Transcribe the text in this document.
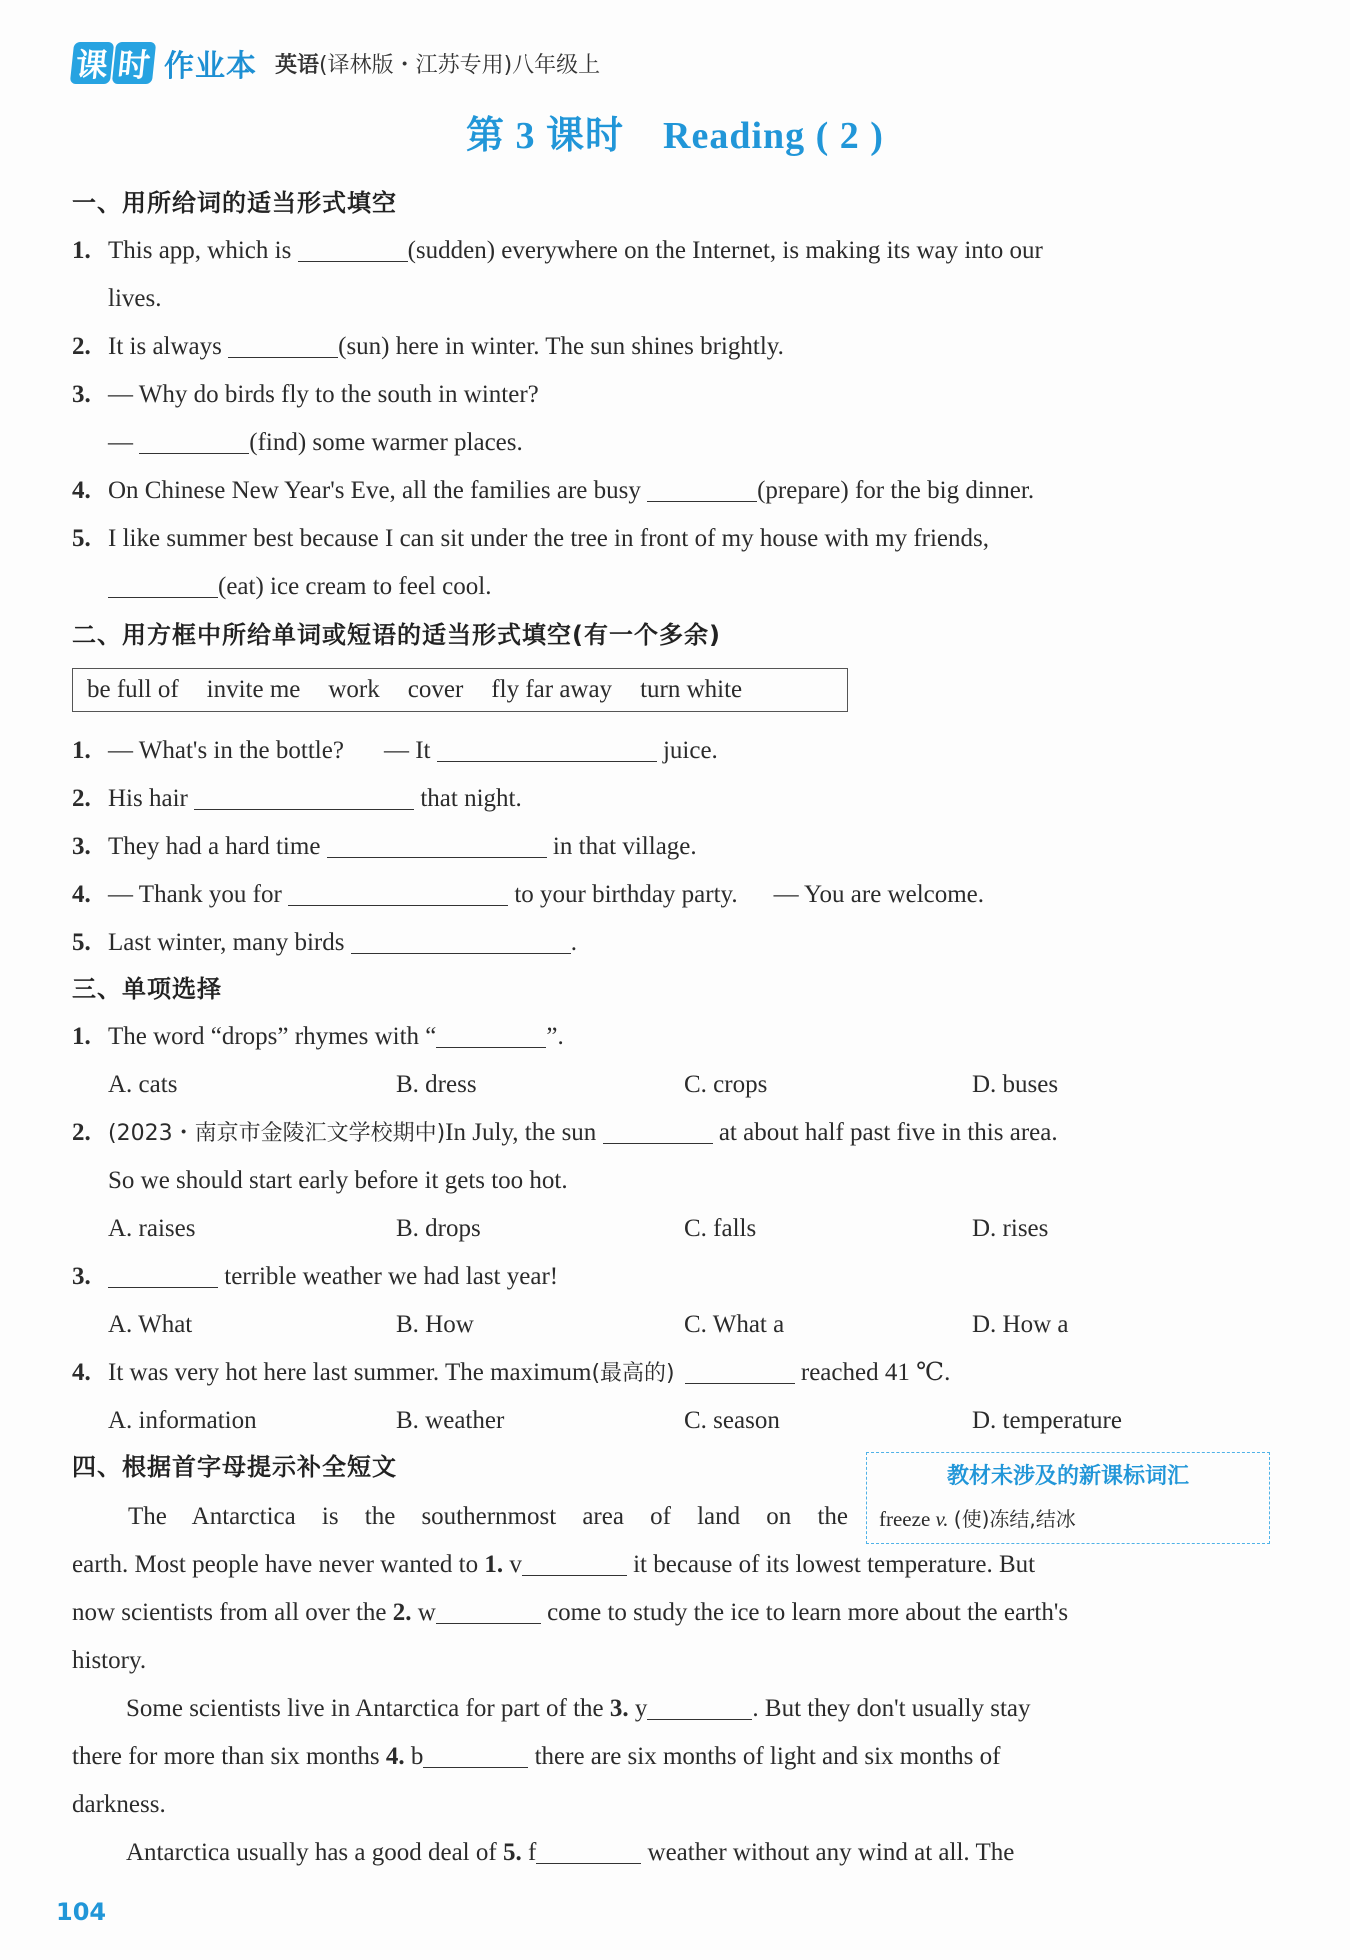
课 时 作业本 英语(译林版・江苏专用)八年级上
第 3 课时　Reading ( 2 )
一、用所给词的适当形式填空
1. This app, which is	(sudden) everywhere on the Internet, is making its way into our
lives.
2. It is always	(sun) here in winter. The sun shines brightly.
3. — Why do birds fly to the south in winter?
—	(find) some warmer places.
4. On Chinese New Year's Eve, all the families are busy	(prepare) for the big dinner.
5. I like summer best because I can sit under the tree in front of my house with my friends,
(eat) ice cream to feel cool.
二、用方框中所给单词或短语的适当形式填空(有一个多余)
be full of invite me work cover fly far away turn white
1. — What's in the bottle? — It	juice.
2. His hair	that night.
3. They had a hard time	in that village.
4. — Thank you for	to your birthday party. — You are welcome.
5. Last winter, many birds	.
三、单项选择
1. The word “drops” rhymes with “	”.
A. cats	B. dress	C. crops	D. buses
2. (2023・南京市金陵汇文学校期中)In July, the sun	at about half past five in this area.
So we should start early before it gets too hot.
A. raises	B. drops	C. falls	D. rises
3.	terrible weather we had last year!
A. What	B. How	C. What a	D. How a
4. It was very hot here last summer. The maximum(最高的)	reached 41 ℃.
A. information	B. weather	C. season	D. temperature
四、根据首字母提示补全短文	教材未涉及的新课标词汇
freeze v. (使)冻结,结冰
The Antarctica is the southernmost area of land on the
earth. Most people have never wanted to 1. v	it because of its lowest temperature. But
now scientists from all over the 2. w	come to study the ice to learn more about the earth's
history.
Some scientists live in Antarctica for part of the 3. y	. But they don't usually stay
there for more than six months 4. b	there are six months of light and six months of
darkness.
Antarctica usually has a good deal of 5. f	weather without any wind at all. The
104
